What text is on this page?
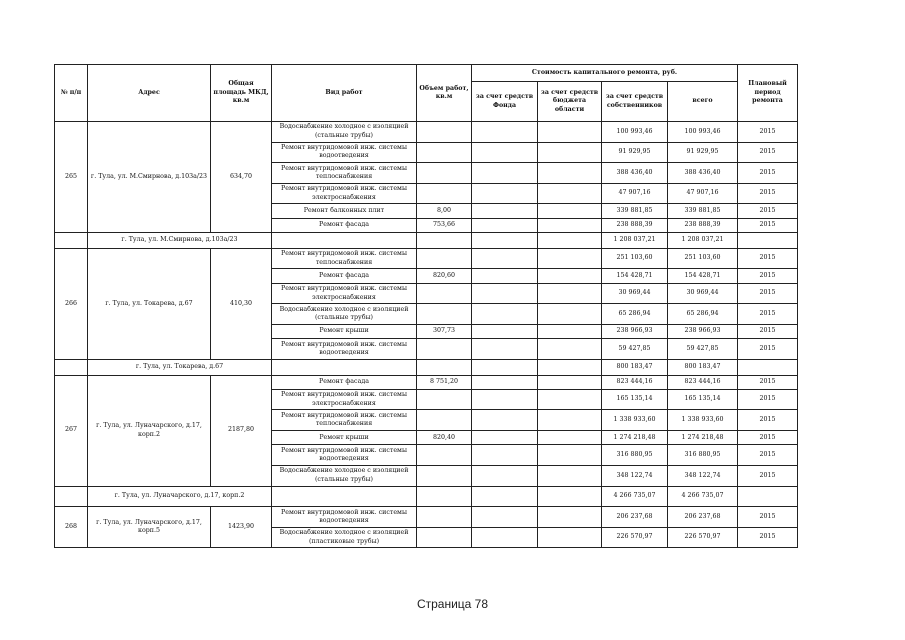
№ п/п	Адрес	Общая площадь МКД, кв.м	Вид работ	Объем работ, кв.м	Стоимость капитального ремонта, руб.				Плановый период ремонта
					за счет средств Фонда	за счет средств бюджета области	за счет средств собственников	всего	
265	г. Тула, ул. М.Смирнова, д.103а/23	634,70	Водоснабжение холодное с изоляцией (стальные трубы)				100 993,46	100 993,46	2015
			Ремонт внутридомовой инж. системы водоотведения				91 929,95	91 929,95	2015
			Ремонт внутридомовой инж. системы теплоснабжения				388 436,40	388 436,40	2015
			Ремонт внутридомовой инж. системы электроснабжения				47 907,16	47 907,16	2015
			Ремонт балконных плит	8,00			339 881,85	339 881,85	2015
			Ремонт фасада	753,66			238 888,39	238 888,39	2015
	г. Тула, ул. М.Смирнова, д.103а/23						1 208 037,21	1 208 037,21	
266	г. Тула, ул. Токарева, д.67	410,30	Ремонт внутридомовой инж. системы теплоснабжения				251 103,60	251 103,60	2015
			Ремонт фасада	820,60			154 428,71	154 428,71	2015
			Ремонт внутридомовой инж. системы электроснабжения				30 969,44	30 969,44	2015
			Водоснабжение холодное с изоляцией (стальные трубы)				65 286,94	65 286,94	2015
			Ремонт крыши	307,73			238 966,93	238 966,93	2015
			Ремонт внутридомовой инж. системы водоотведения				59 427,85	59 427,85	2015
	г. Тула, ул. Токарева, д.67						800 183,47	800 183,47	
267	г. Тула, ул. Луначарского, д.17, корп.2	2187,80	Ремонт фасада	8 751,20			823 444,16	823 444,16	2015
			Ремонт внутридомовой инж. системы электроснабжения				165 135,14	165 135,14	2015
			Ремонт внутридомовой инж. системы теплоснабжения				1 338 933,60	1 338 933,60	2015
			Ремонт крыши	820,40			1 274 218,48	1 274 218,48	2015
			Ремонт внутридомовой инж. системы водоотведения				316 880,95	316 880,95	2015
			Водоснабжение холодное с изоляцией (стальные трубы)				348 122,74	348 122,74	2015
	г. Тула, ул. Луначарского, д.17, корп.2						4 266 735,07	4 266 735,07	
268	г. Тула, ул. Луначарского, д.17, корп.5	1423,90	Ремонт внутридомовой инж. системы водоотведения				206 237,68	206 237,68	2015
			Водоснабжение холодное с изоляцией (пластиковые трубы)				226 570,97	226 570,97	2015
Страница 78
